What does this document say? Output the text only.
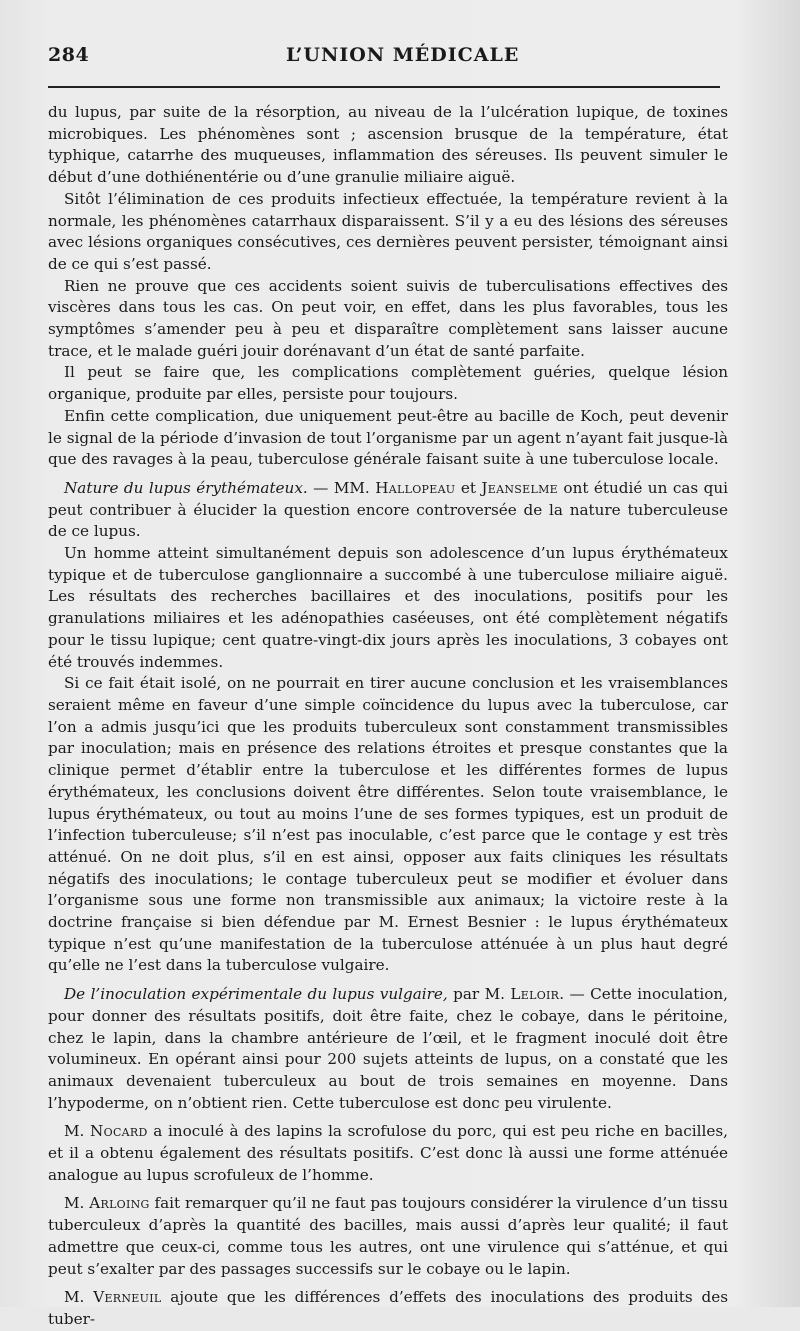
284	L’UNION MÉDICALE

du lupus, par suite de la résorption, au niveau de la l’ulcération lupique, de toxines microbiques. Les phénomènes sont ; ascension brusque de la température, état typhique, catarrhe des muqueuses, inflammation des séreuses. Ils peuvent simuler le début d’une dothiénentérie ou d’une granulie miliaire aiguë.

Sitôt l’élimination de ces produits infectieux effectuée, la température revient à la normale, les phénomènes catarrhaux disparaissent. S’il y a eu des lésions des séreuses avec lésions organiques consécutives, ces dernières peuvent persister, témoignant ainsi de ce qui s’est passé.

Rien ne prouve que ces accidents soient suivis de tuberculisations effectives des viscères dans tous les cas. On peut voir, en effet, dans les plus favorables, tous les symptômes s’amender peu à peu et disparaître complètement sans laisser aucune trace, et le malade guéri jouir dorénavant d’un état de santé parfaite.

Il peut se faire que, les complications complètement guéries, quelque lésion organique, produite par elles, persiste pour toujours.

Enfin cette complication, due uniquement peut-être au bacille de Koch, peut devenir le signal de la période d’invasion de tout l’organisme par un agent n’ayant fait jusque-là que des ravages à la peau, tuberculose générale faisant suite à une tuberculose locale.

Nature du lupus érythémateux. — MM. Hallopeau et Jeanselme ont étudié un cas qui peut contribuer à élucider la question encore controversée de la nature tuberculeuse de ce lupus.

Un homme atteint simultanément depuis son adolescence d’un lupus érythémateux typique et de tuberculose ganglionnaire a succombé à une tuberculose miliaire aiguë. Les résultats des recherches bacillaires et des inoculations, positifs pour les granulations miliaires et les adénopathies caséeuses, ont été complètement négatifs pour le tissu lupique; cent quatre-vingt-dix jours après les inoculations, 3 cobayes ont été trouvés indemmes.

Si ce fait était isolé, on ne pourrait en tirer aucune conclusion et les vraisemblances seraient même en faveur d’une simple coïncidence du lupus avec la tuberculose, car l’on a admis jusqu’ici que les produits tuberculeux sont constamment transmissibles par inoculation; mais en présence des relations étroites et presque constantes que la clinique permet d’établir entre la tuberculose et les différentes formes de lupus érythémateux, les conclusions doivent être différentes. Selon toute vraisemblance, le lupus érythémateux, ou tout au moins l’une de ses formes typiques, est un produit de l’infection tuberculeuse; s’il n’est pas inoculable, c’est parce que le contage y est très atténué. On ne doit plus, s’il en est ainsi, opposer aux faits cliniques les résultats négatifs des inoculations; le contage tuberculeux peut se modifier et évoluer dans l’organisme sous une forme non transmissible aux animaux; la victoire reste à la doctrine française si bien défendue par M. Ernest Besnier : le lupus érythémateux typique n’est qu’une manifestation de la tuberculose atténuée à un plus haut degré qu’elle ne l’est dans la tuberculose vulgaire.

De l’inoculation expérimentale du lupus vulgaire, par M. Leloir. — Cette inoculation, pour donner des résultats positifs, doit être faite, chez le cobaye, dans le péritoine, chez le lapin, dans la chambre antérieure de l’œil, et le fragment inoculé doit être volumineux. En opérant ainsi pour 200 sujets atteints de lupus, on a constaté que les animaux devenaient tuberculeux au bout de trois semaines en moyenne. Dans l’hypoderme, on n’obtient rien. Cette tuberculose est donc peu virulente.

M. Nocard a inoculé à des lapins la scrofulose du porc, qui est peu riche en bacilles, et il a obtenu également des résultats positifs. C’est donc là aussi une forme atténuée analogue au lupus scrofuleux de l’homme.

M. Arloing fait remarquer qu’il ne faut pas toujours considérer la virulence d’un tissu tuberculeux d’après la quantité des bacilles, mais aussi d’après leur qualité; il faut admettre que ceux-ci, comme tous les autres, ont une virulence qui s’atténue, et qui peut s’exalter par des passages successifs sur le cobaye ou le lapin.

M. Verneuil ajoute que les différences d’effets des inoculations des produits des tuber-
